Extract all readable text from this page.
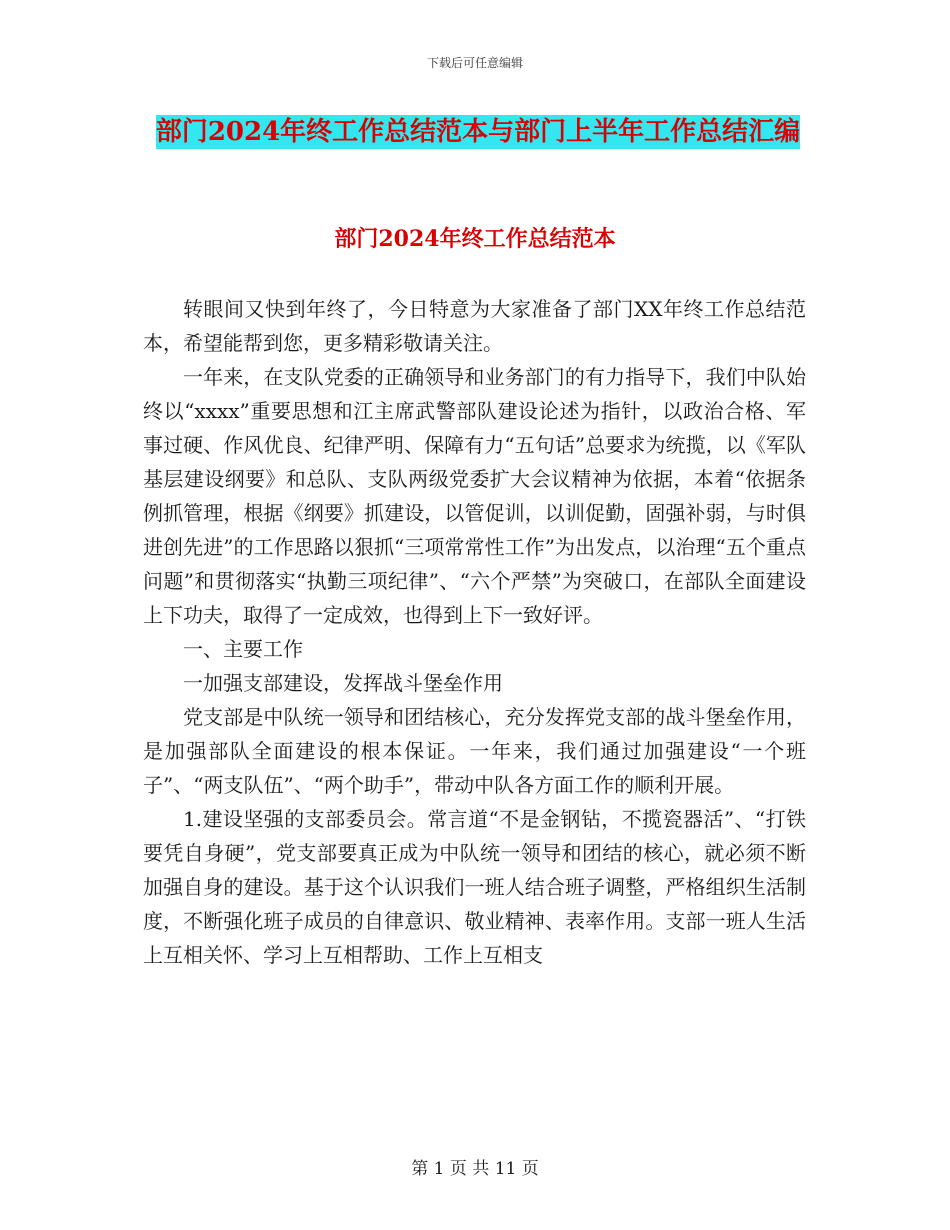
下载后可任意编辑
部门2024年终工作总结范本与部门上半年工作总结汇编
部门2024年终工作总结范本

转眼间又快到年终了，今日特意为大家准备了部门XX年终工作总结范本，希望能帮到您，更多精彩敬请关注。

一年来，在支队党委的正确领导和业务部门的有力指导下，我们中队始终以“xxxx”重要思想和江主席武警部队建设论述为指针，以政治合格、军事过硬、作风优良、纪律严明、保障有力“五句话”总要求为统揽，以《军队基层建设纲要》和总队、支队两级党委扩大会议精神为依据，本着“依据条例抓管理，根据《纲要》抓建设，以管促训，以训促勤，固强补弱，与时俱进创先进”的工作思路以狠抓“三项常常性工作”为出发点，以治理“五个重点问题”和贯彻落实“执勤三项纪律”、“六个严禁”为突破口，在部队全面建设上下功夫，取得了一定成效，也得到上下一致好评。

一、主要工作

一加强支部建设，发挥战斗堡垒作用

党支部是中队统一领导和团结核心，充分发挥党支部的战斗堡垒作用，是加强部队全面建设的根本保证。一年来，我们通过加强建设“一个班子”、“两支队伍”、“两个助手”，带动中队各方面工作的顺利开展。

1.建设坚强的支部委员会。常言道“不是金钢钻，不揽瓷器活”、“打铁要凭自身硬”，党支部要真正成为中队统一领导和团结的核心，就必须不断加强自身的建设。基于这个认识我们一班人结合班子调整，严格组织生活制度，不断强化班子成员的自律意识、敬业精神、表率作用。支部一班人生活上互相关怀、学习上互相帮助、工作上互相支

第 1 页 共 11 页
